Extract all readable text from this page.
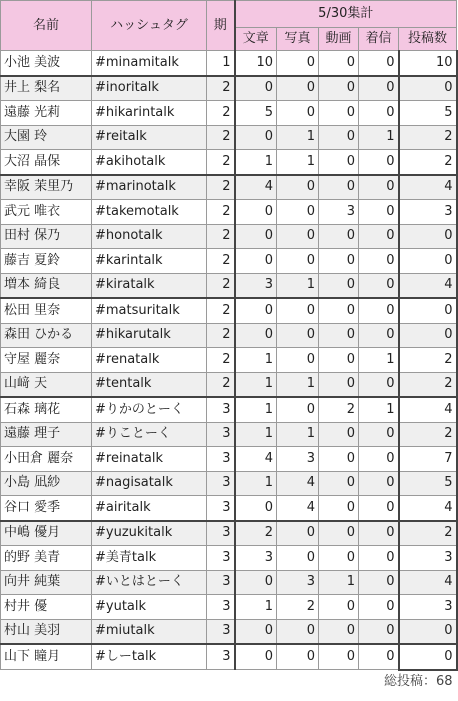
名前	ハッシュタグ	期	5/30集計				
			文章	写真	動画	着信	投稿数
小池 美波	#minamitalk	1	10	0	0	0	10
井上 梨名	#inoritalk	2	0	0	0	0	0
遠藤 光莉	#hikarintalk	2	5	0	0	0	5
大園 玲	#reitalk	2	0	1	0	1	2
大沼 晶保	#akihotalk	2	1	1	0	0	2
幸阪 茉里乃	#marinotalk	2	4	0	0	0	4
武元 唯衣	#takemotalk	2	0	0	3	0	3
田村 保乃	#honotalk	2	0	0	0	0	0
藤吉 夏鈴	#karintalk	2	0	0	0	0	0
増本 綺良	#kiratalk	2	3	1	0	0	4
松田 里奈	#matsuritalk	2	0	0	0	0	0
森田 ひかる	#hikarutalk	2	0	0	0	0	0
守屋 麗奈	#renatalk	2	1	0	0	1	2
山﨑 天	#tentalk	2	1	1	0	0	2
石森 璃花	#りかのとーく	3	1	0	2	1	4
遠藤 理子	#りことーく	3	1	1	0	0	2
小田倉 麗奈	#reinatalk	3	4	3	0	0	7
小島 凪紗	#nagisatalk	3	1	4	0	0	5
谷口 愛季	#airitalk	3	0	4	0	0	4
中嶋 優月	#yuzukitalk	3	2	0	0	0	2
的野 美青	#美青talk	3	3	0	0	0	3
向井 純葉	#いとはとーく	3	0	3	1	0	4
村井 優	#yutalk	3	1	2	0	0	3
村山 美羽	#miutalk	3	0	0	0	0	0
山下 瞳月	#しーtalk	3	0	0	0	0	0
総投稿：68							
